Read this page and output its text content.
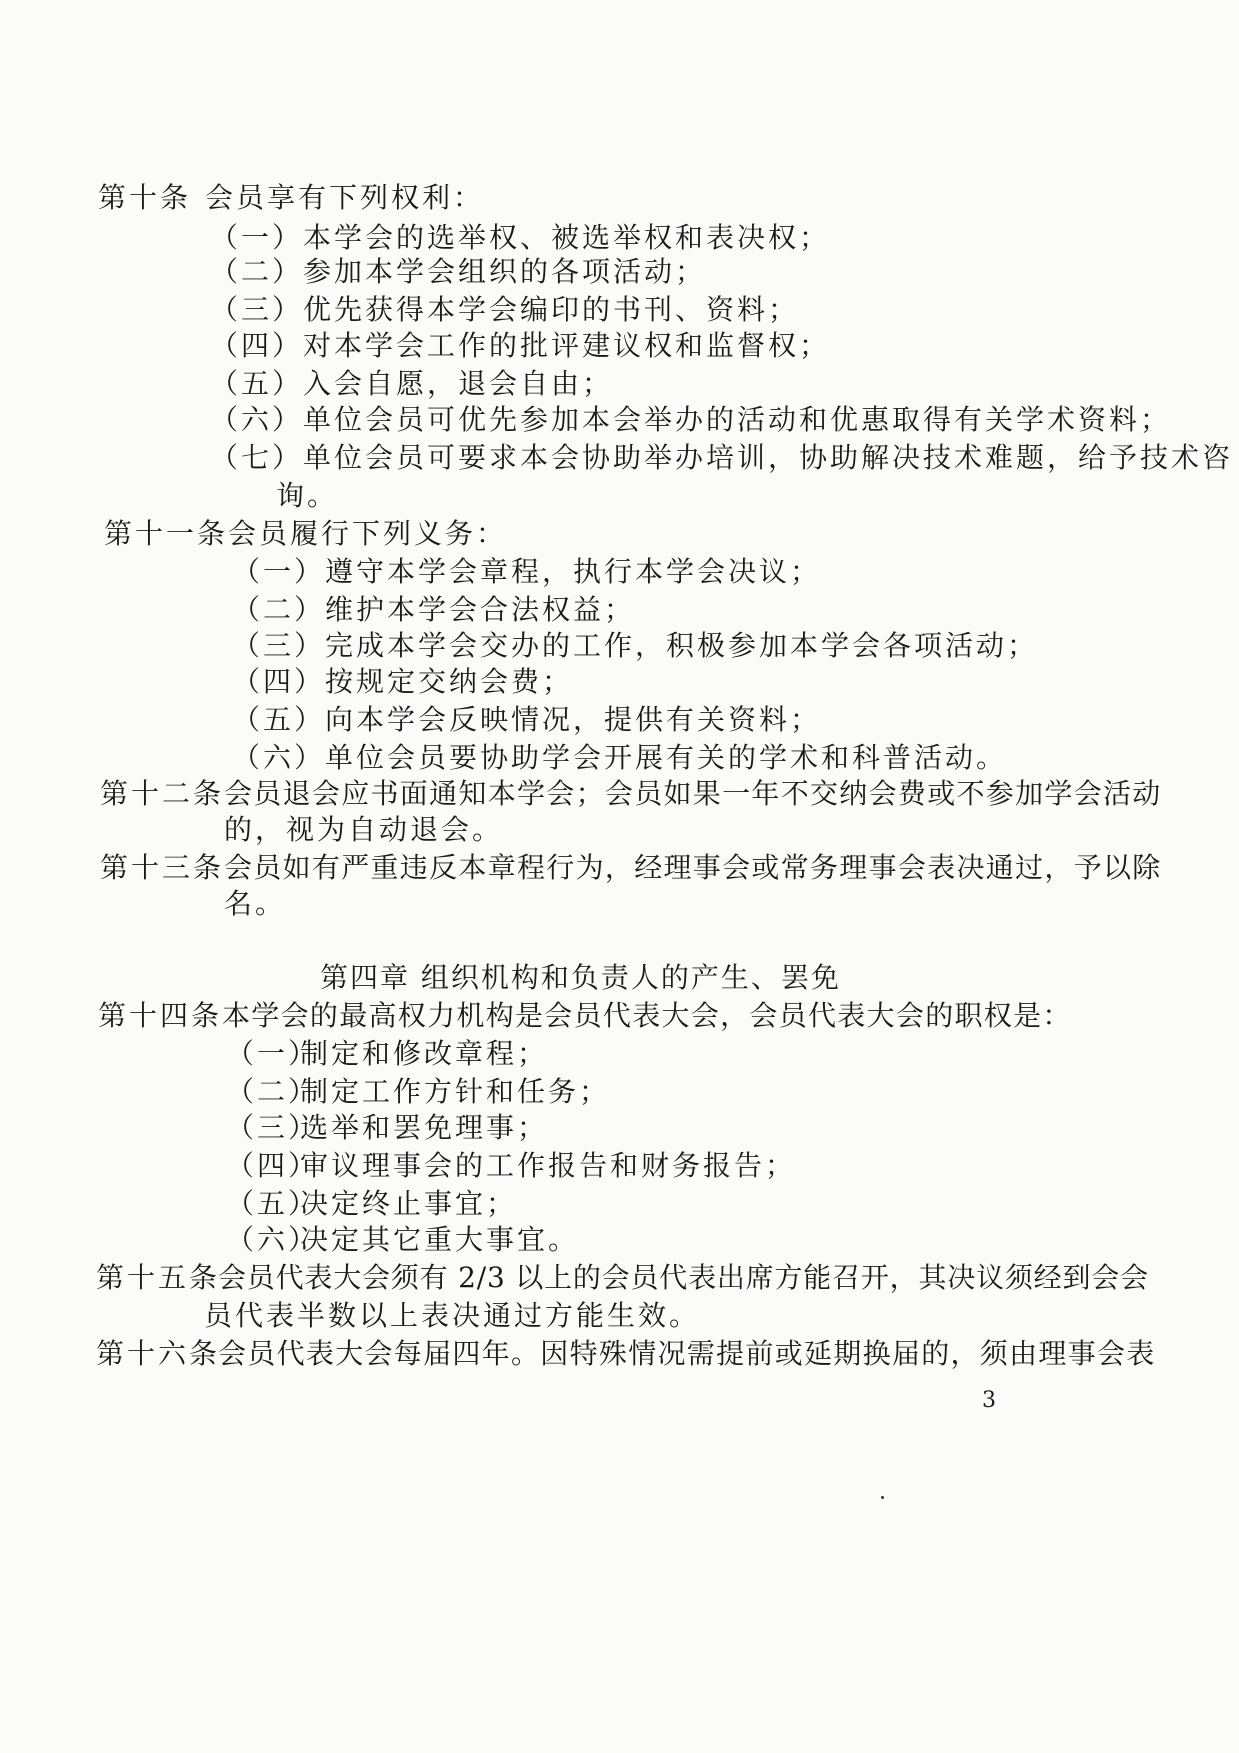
第十条 会员享有下列权利：
（一）本学会的选举权、被选举权和表决权；
（二）参加本学会组织的各项活动；
（三）优先获得本学会编印的书刊、资料；
（四）对本学会工作的批评建议权和监督权；
（五）入会自愿，退会自由；
（六）单位会员可优先参加本会举办的活动和优惠取得有关学术资料；
（七）单位会员可要求本会协助举办培训，协助解决技术难题，给予技术咨
询。
第十一条 会员履行下列义务：
（一）遵守本学会章程，执行本学会决议；
（二）维护本学会合法权益；
（三）完成本学会交办的工作，积极参加本学会各项活动；
（四）按规定交纳会费；
（五）向本学会反映情况，提供有关资料；
（六）单位会员要协助学会开展有关的学术和科普活动。
第十二条 会员退会应书面通知本学会；会员如果一年不交纳会费或不参加学会活动
的，视为自动退会。
第十三条 会员如有严重违反本章程行为，经理事会或常务理事会表决通过，予以除
名。
第四章 组织机构和负责人的产生、罢免
第十四条 本学会的最高权力机构是会员代表大会，会员代表大会的职权是：
（一）
制定和修改章程；
（二）
制定工作方针和任务；
（三）
选举和罢免理事；
（四）
审议理事会的工作报告和财务报告；
（五）
决定终止事宜；
（六）
决定其它重大事宜。
第十五条
会员代表大会须有 2/3 以上的会员代表出席方能召开，其决议须经到会会
员代表半数以上表决通过方能生效。
第十六条
会员代表大会每届四年。因特殊情况需提前或延期换届的，须由理事会表
3
